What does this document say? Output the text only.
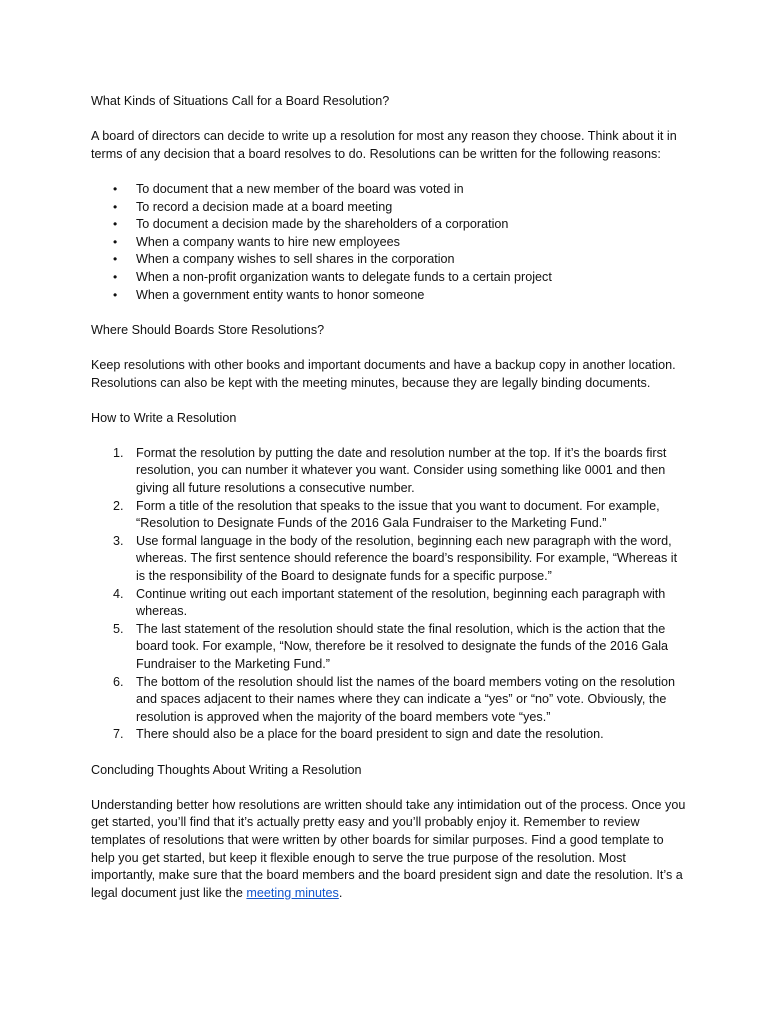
What Kinds of Situations Call for a Board Resolution?

A board of directors can decide to write up a resolution for most any reason they choose. Think about it in terms of any decision that a board resolves to do. Resolutions can be written for the following reasons:

• To document that a new member of the board was voted in
• To record a decision made at a board meeting
• To document a decision made by the shareholders of a corporation
• When a company wants to hire new employees
• When a company wishes to sell shares in the corporation
• When a non-profit organization wants to delegate funds to a certain project
• When a government entity wants to honor someone
Where Should Boards Store Resolutions?

Keep resolutions with other books and important documents and have a backup copy in another location. Resolutions can also be kept with the meeting minutes, because they are legally binding documents.

How to Write a Resolution
1. Format the resolution by putting the date and resolution number at the top. If it’s the boards first resolution, you can number it whatever you want. Consider using something like 0001 and then giving all future resolutions a consecutive number.
2. Form a title of the resolution that speaks to the issue that you want to document. For example, “Resolution to Designate Funds of the 2016 Gala Fundraiser to the Marketing Fund.”
3. Use formal language in the body of the resolution, beginning each new paragraph with the word, whereas. The first sentence should reference the board’s responsibility. For example, “Whereas it is the responsibility of the Board to designate funds for a specific purpose.”
4. Continue writing out each important statement of the resolution, beginning each paragraph with whereas.
5. The last statement of the resolution should state the final resolution, which is the action that the board took. For example, “Now, therefore be it resolved to designate the funds of the 2016 Gala Fundraiser to the Marketing Fund.”
6. The bottom of the resolution should list the names of the board members voting on the resolution and spaces adjacent to their names where they can indicate a “yes” or “no” vote. Obviously, the resolution is approved when the majority of the board members vote “yes.”
7. There should also be a place for the board president to sign and date the resolution.
Concluding Thoughts About Writing a Resolution

Understanding better how resolutions are written should take any intimidation out of the process. Once you get started, you’ll find that it’s actually pretty easy and you’ll probably enjoy it. Remember to review templates of resolutions that were written by other boards for similar purposes. Find a good template to help you get started, but keep it flexible enough to serve the true purpose of the resolution. Most importantly, make sure that the board members and the board president sign and date the resolution. It’s a legal document just like the meeting minutes.
